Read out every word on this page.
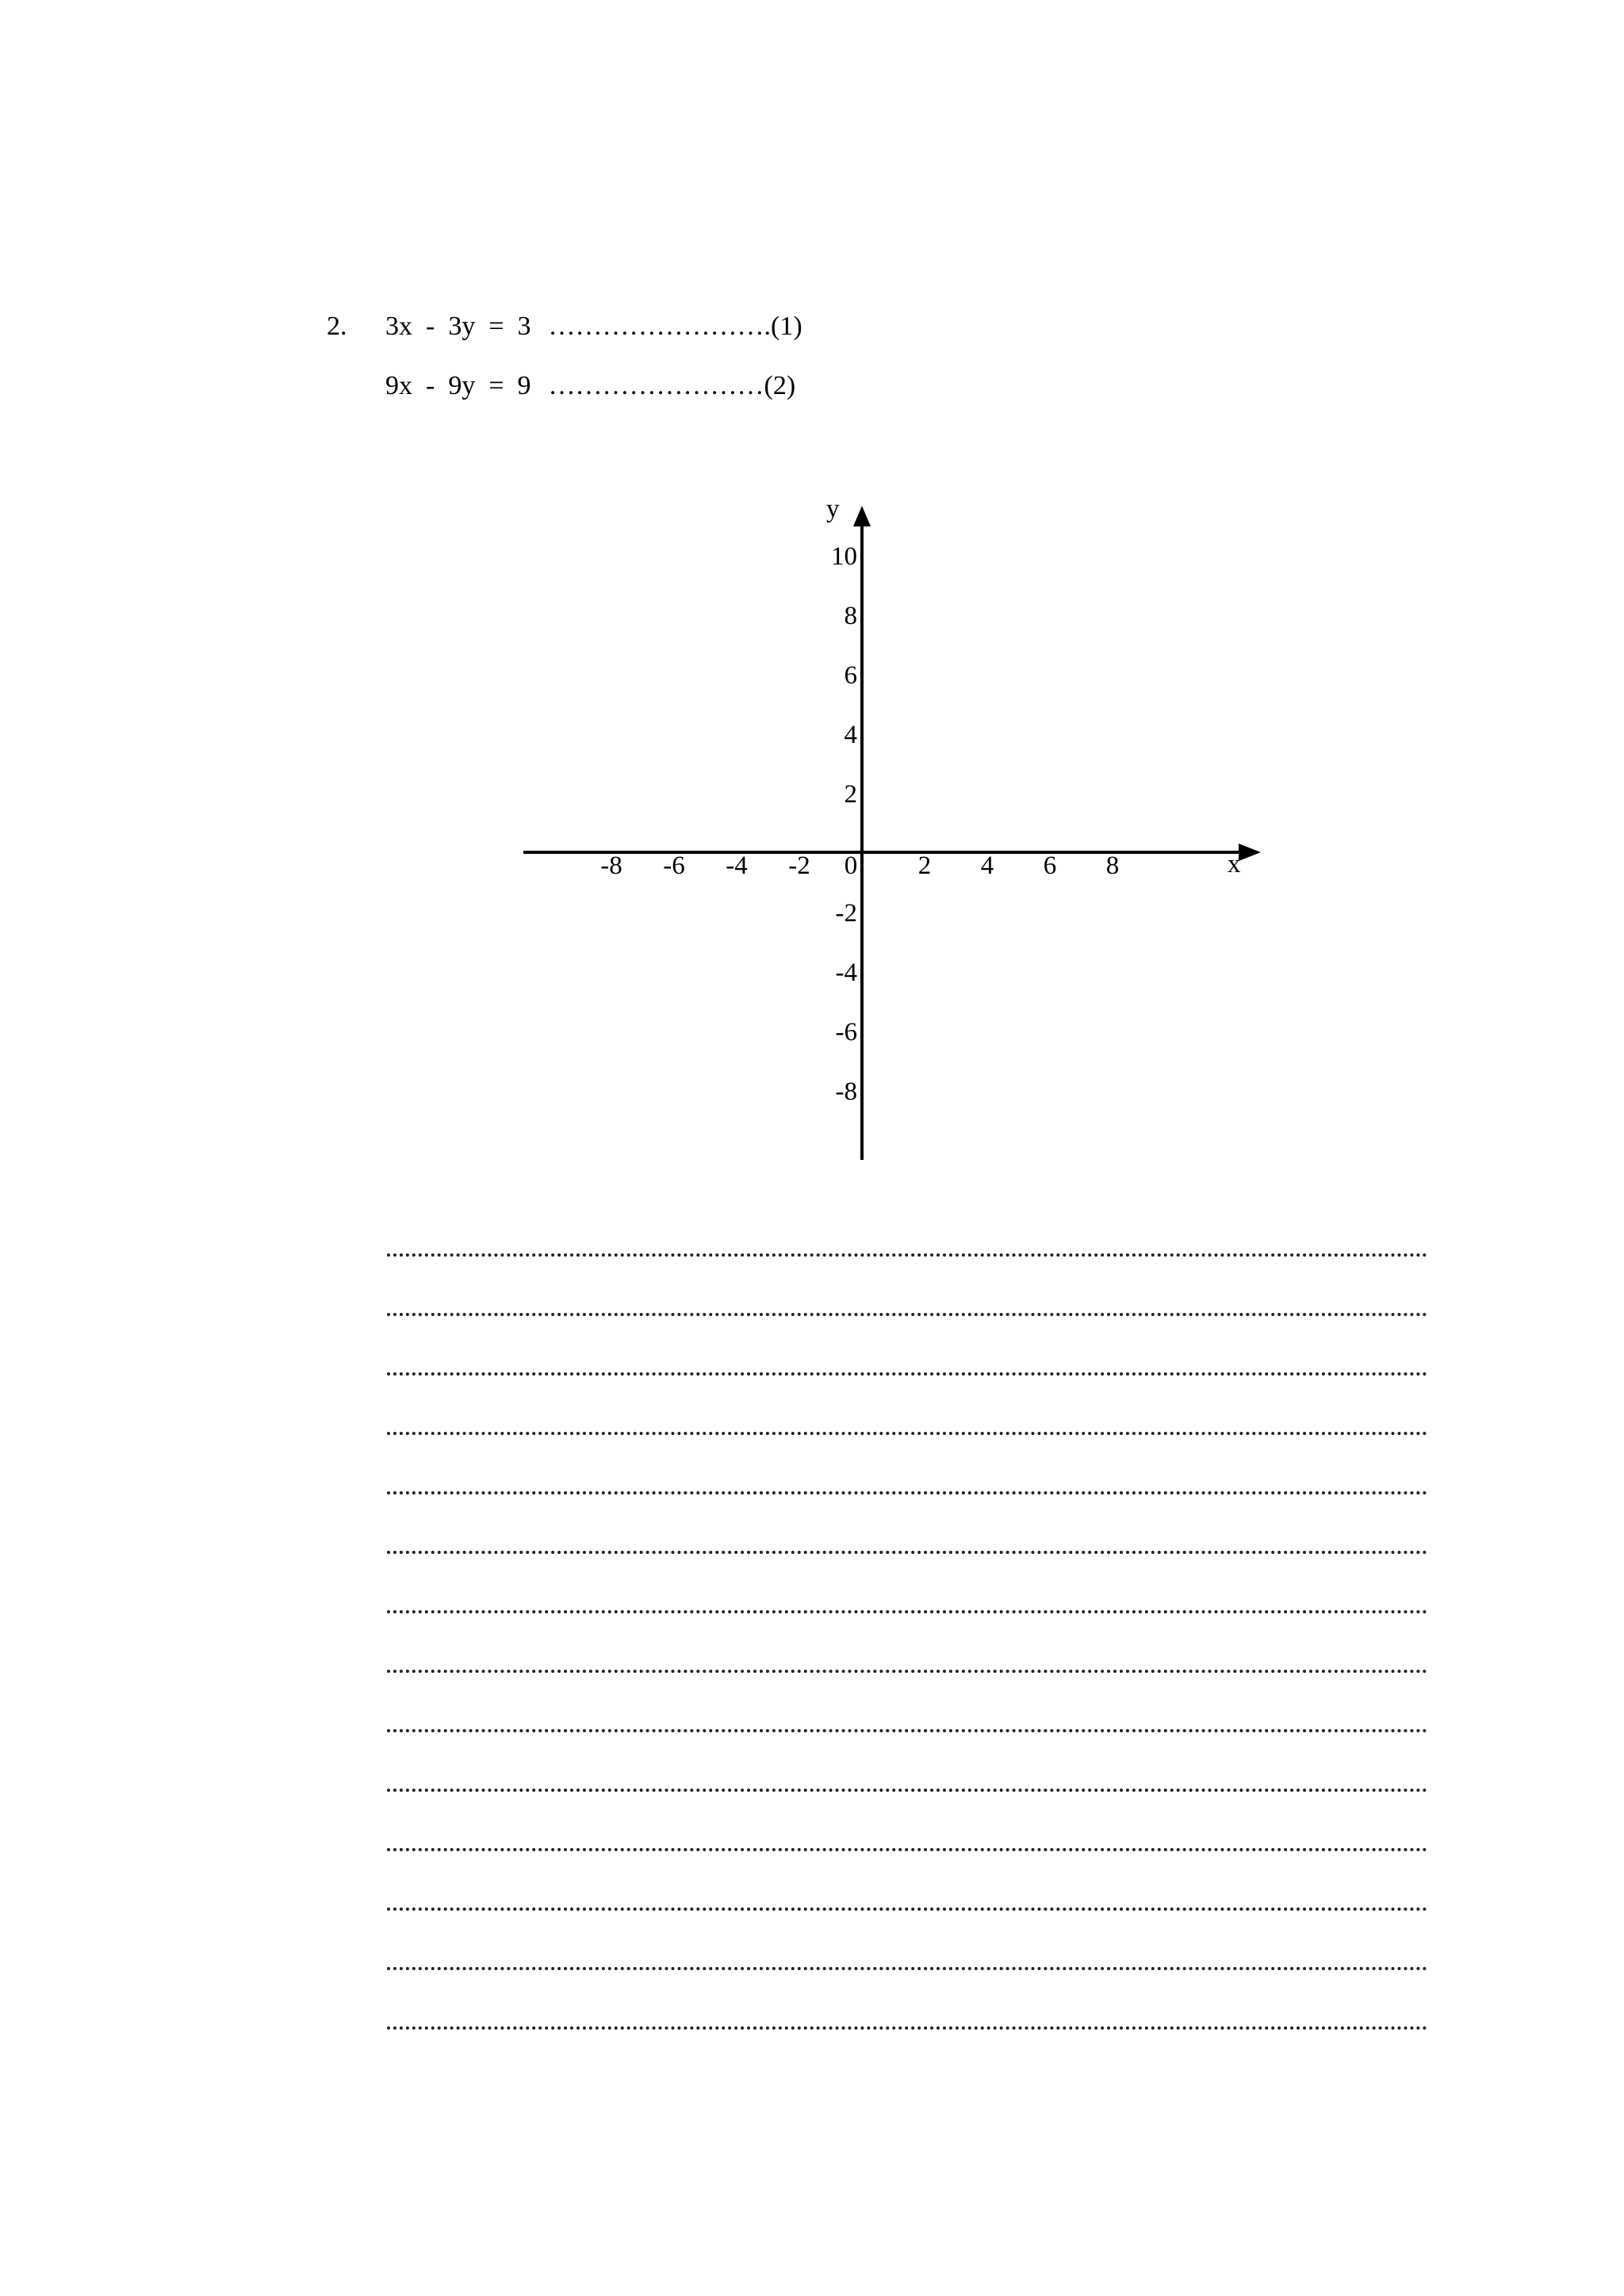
2. 3x  -  3y  =  3 …………………….(1)
9x  -  9y  =  9 ……………………(2)
y
x
-8 -6 -4 -2 0 2 4 6 8
10
8
6
4
2
-2
-4
-6
-8
